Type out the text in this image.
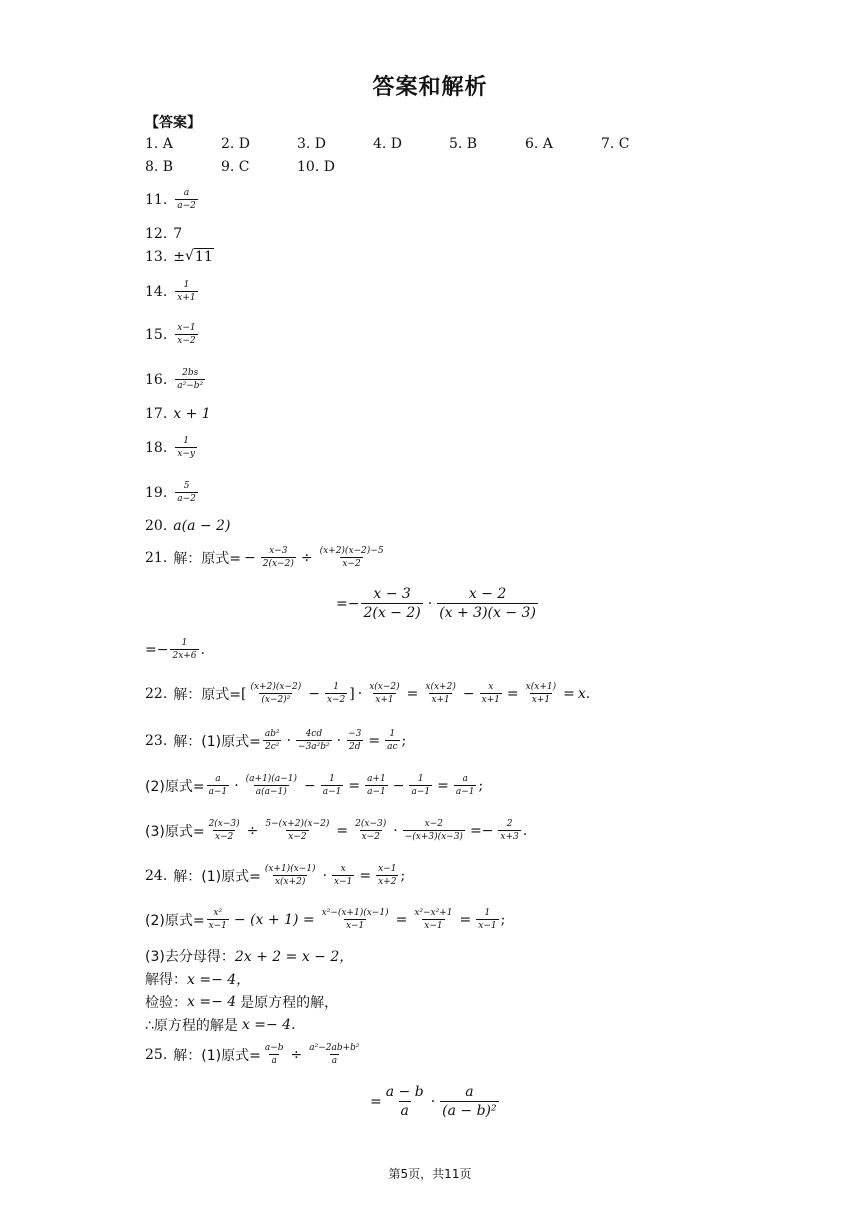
答案和解析
【答案】
1. A	2. D	3. D	4. D	5. B	6. A	7. C
8. B	9. C	10. D
11. $\frac{a}{a-2}$
12. 7
13. ± √ 11
14. $\frac{1}{x+1}$
15. $\frac{x-1}{x-2}$
16. $\frac{2bs}{\text{a²−b²}}$
17. x + 1
18. $\frac{1}{x-y}$
19. $\frac{5}{a-2}$
20. a(a − 2)
21. 解：原式= − $\frac{x-3}{2(x-2)} \div \frac{(x+2)(x-2)-5}{x-2}$
=− $\frac{x - 3}{2(x - 2)} \cdot \frac{x - 2}{(x + 3)(x - 3)}$
=− $\frac{1}{2x+6}$ .
22. 解：原式= [ $\frac{(x+2)(x-2)}{\text{(x−2)²}} - \frac{1}{x-2}$ ] · $\frac{x(x-2)}{x+1} = \frac{x(x+2)}{x+1} - \frac{x}{x+1} = \frac{x(x+1)}{x+1} = x$.
23. 解：(1)原式= $\frac{\text{ab²}}{\text{2c²}} \cdot \frac{4cd}{\text{−3a²b²}} \cdot \frac{-3}{2d} = \frac{1}{ac}$ ;
(2)原式= $\frac{a}{a-1} \cdot \frac{(a+1)(a-1)}{a(a-1)} - \frac{1}{a-1} = \frac{a+1}{a-1} - \frac{1}{a-1} = \frac{a}{a-1}$ ;
(3)原式= $\frac{2(x-3)}{x-2} \div \frac{5-(x+2)(x-2)}{x-2} = \frac{2(x-3)}{x-2} \cdot \frac{x-2}{-(x+3)(x-3)} =- \frac{2}{x+3}$ .
24. 解：(1)原式= $\frac{(x+1)(x-1)}{x(x+2)} \cdot \frac{x}{x-1} = \frac{x-1}{x+2}$ ;
(2)原式= $\frac{\text{x²}}{x-1} - (x + 1) = \frac{\text{x²−(x+1)(x−1)}}{x-1} = \frac{\text{x²−x²+1}}{x-1} = \frac{1}{x-1}$ ;
(3)去分母得： 2x + 2 = x − 2，
解得： x =− 4，
检验： x =− 4 是原方程的解，
∴原方程的解是 x =− 4.
25. 解：(1)原式= $\frac{a-b}{a} \div \frac{\text{a²−2ab+b²}}{a}$
= $\frac{a - b}{a} \cdot \frac{a}{\text{(a − b)²}}$
第5页，共11页
